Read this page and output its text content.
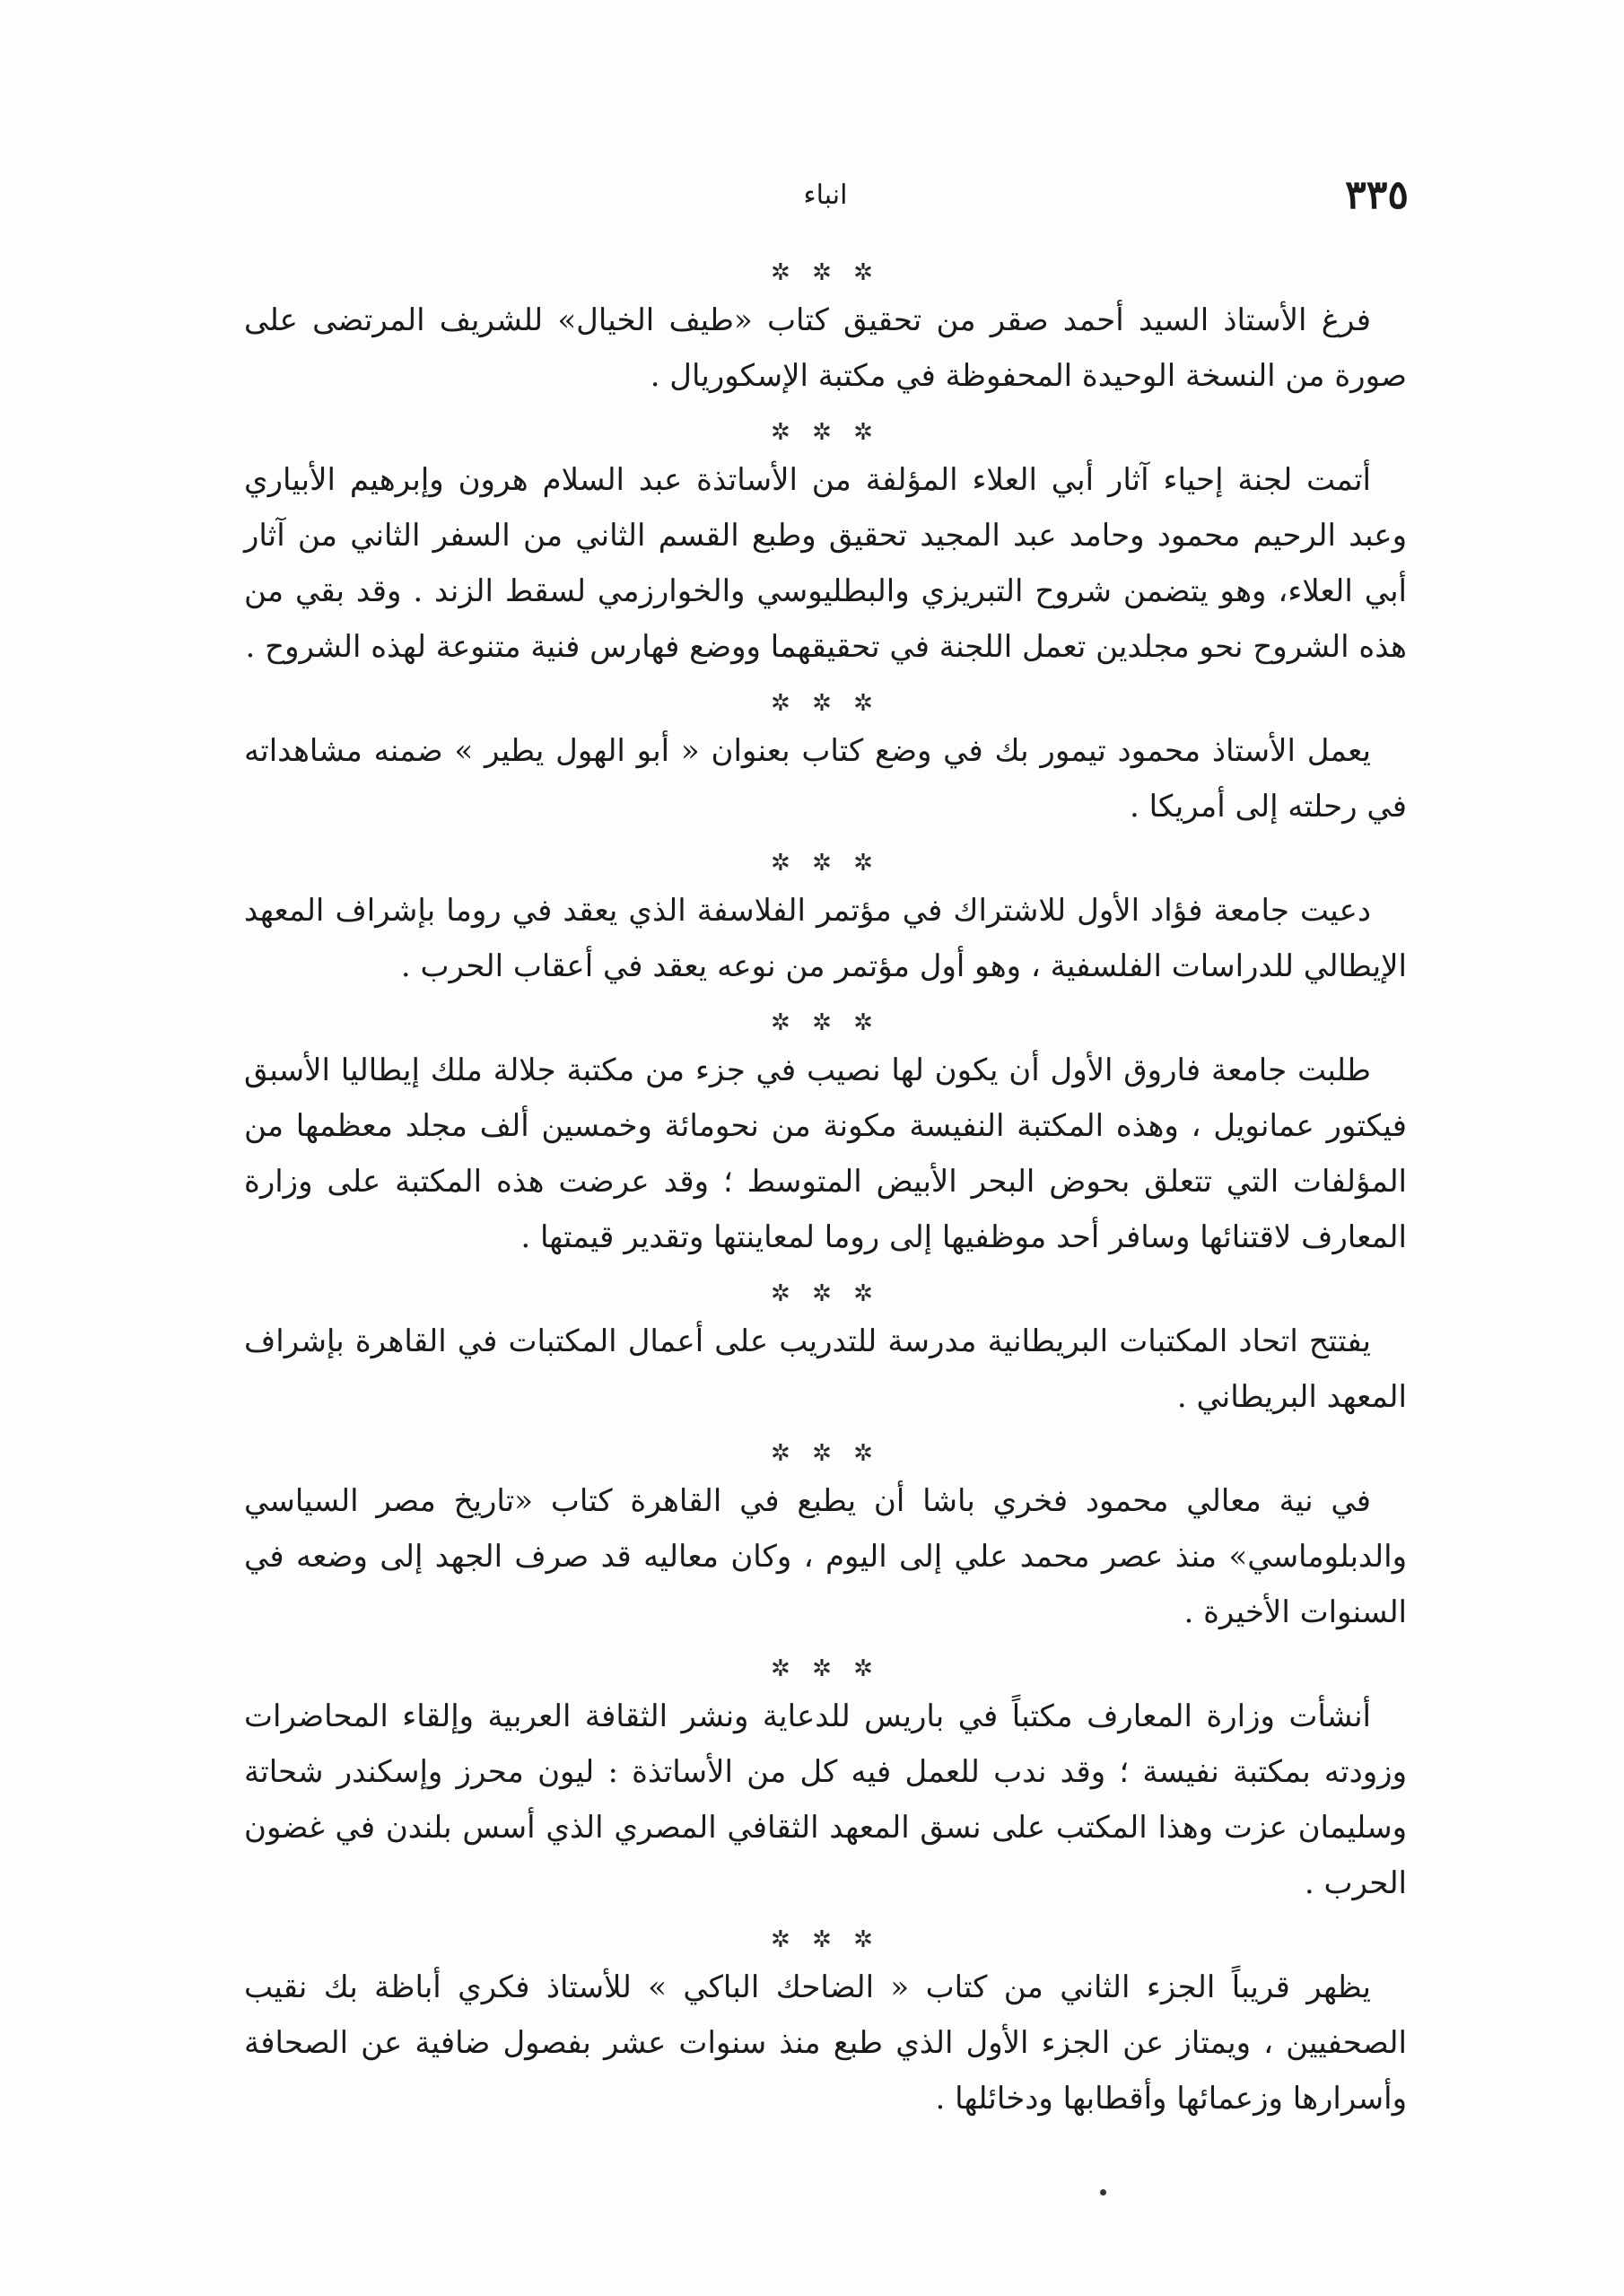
٣٣٥
انباء
✲ ✲ ✲

فرغ الأستاذ السيد أحمد صقر من تحقيق كتاب «طيف الخيال» للشريف المرتضى على صورة من النسخة الوحيدة المحفوظة في مكتبة الإسكوريال .

✲ ✲ ✲

أتمت لجنة إحياء آثار أبي العلاء المؤلفة من الأساتذة عبد السلام هرون وإبرهيم الأبياري وعبد الرحيم محمود وحامد عبد المجيد تحقيق وطبع القسم الثاني من السفر الثاني من آثار أبي العلاء، وهو يتضمن شروح التبريزي والبطليوسي والخوارزمي لسقط الزند . وقد بقي من هذه الشروح نحو مجلدين تعمل اللجنة في تحقيقهما ووضع فهارس فنية متنوعة لهذه الشروح .

✲ ✲ ✲

يعمل الأستاذ محمود تيمور بك في وضع كتاب بعنوان « أبو الهول يطير » ضمنه مشاهداته في رحلته إلى أمريكا .

✲ ✲ ✲

دعيت جامعة فؤاد الأول للاشتراك في مؤتمر الفلاسفة الذي يعقد في روما بإشراف المعهد الإيطالي للدراسات الفلسفية ، وهو أول مؤتمر من نوعه يعقد في أعقاب الحرب .

✲ ✲ ✲

طلبت جامعة فاروق الأول أن يكون لها نصيب في جزء من مكتبة جلالة ملك إيطاليا الأسبق فيكتور عمانويل ، وهذه المكتبة النفيسة مكونة من نحومائة وخمسين ألف مجلد معظمها من المؤلفات التي تتعلق بحوض البحر الأبيض المتوسط ؛ وقد عرضت هذه المكتبة على وزارة المعارف لاقتنائها وسافر أحد موظفيها إلى روما لمعاينتها وتقدير قيمتها .

✲ ✲ ✲

يفتتح اتحاد المكتبات البريطانية مدرسة للتدريب على أعمال المكتبات في القاهرة بإشراف المعهد البريطاني .

✲ ✲ ✲

في نية معالي محمود فخري باشا أن يطبع في القاهرة كتاب «تاريخ مصر السياسي والدبلوماسي» منذ عصر محمد علي إلى اليوم ، وكان معاليه قد صرف الجهد إلى وضعه في السنوات الأخيرة .

✲ ✲ ✲

أنشأت وزارة المعارف مكتباً في باريس للدعاية ونشر الثقافة العربية وإلقاء المحاضرات وزودته بمكتبة نفيسة ؛ وقد ندب للعمل فيه كل من الأساتذة : ليون محرز وإسكندر شحاتة وسليمان عزت وهذا المكتب على نسق المعهد الثقافي المصري الذي أسس بلندن في غضون الحرب .

✲ ✲ ✲

يظهر قريباً الجزء الثاني من كتاب « الضاحك الباكي » للأستاذ فكري أباظة بك نقيب الصحفيين ، ويمتاز عن الجزء الأول الذي طبع منذ سنوات عشر بفصول ضافية عن الصحافة وأسرارها وزعمائها وأقطابها ودخائلها .
